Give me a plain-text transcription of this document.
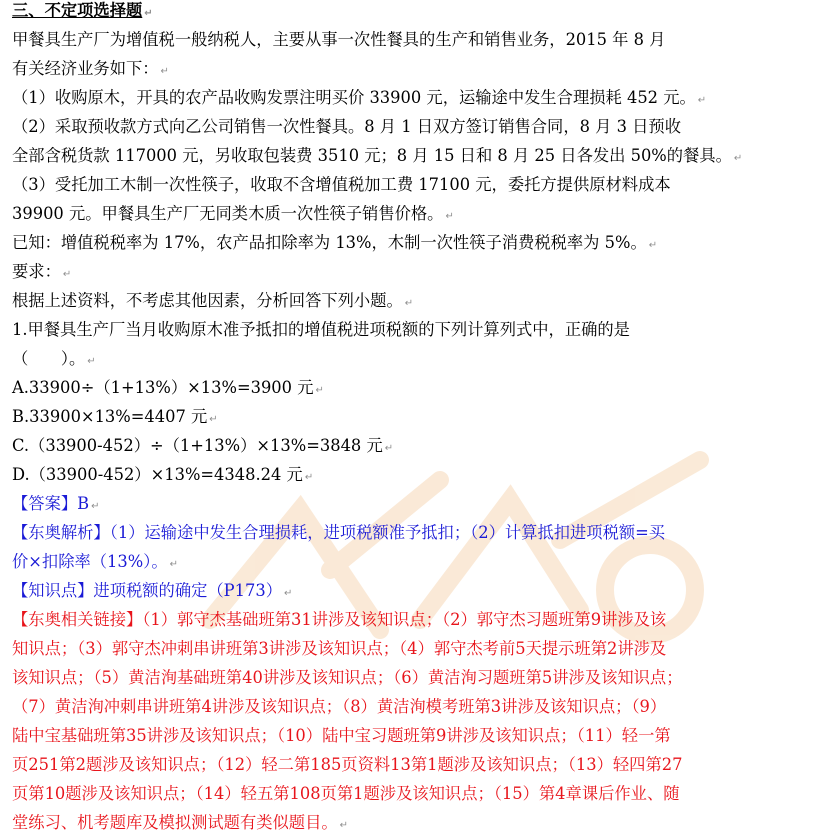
三、不定项选择题 ↵
甲餐具生产厂为增值税一般纳税人，主要从事一次性餐具的生产和销售业务，2015 年 8 月
有关经济业务如下： ↵
（1）收购原木，开具的农产品收购发票注明买价 33900 元，运输途中发生合理损耗 452 元。 ↵
（2）采取预收款方式向乙公司销售一次性餐具。8 月 1 日双方签订销售合同，8 月 3 日预收
全部含税货款 117000 元，另收取包装费 3510 元；8 月 15 日和 8 月 25 日各发出 50%的餐具。 ↵
（3）受托加工木制一次性筷子，收取不含增值税加工费 17100 元，委托方提供原材料成本
39900 元。甲餐具生产厂无同类木质一次性筷子销售价格。 ↵
已知：增值税税率为 17%，农产品扣除率为 13%，木制一次性筷子消费税税率为 5%。 ↵
要求： ↵
根据上述资料，不考虑其他因素，分析回答下列小题。 ↵
1.甲餐具生产厂当月收购原木准予抵扣的增值税进项税额的下列计算列式中，正确的是
（　　）。 ↵
A.33900÷（1+13%）×13%=3900 元 ↵
B.33900×13%=4407 元 ↵
C.（33900-452）÷（1+13%）×13%=3848 元 ↵
D.（33900-452）×13%=4348.24 元 ↵
【答案】B ↵
【东奥解析】（1）运输途中发生合理损耗，进项税额准予抵扣；（2）计算抵扣进项税额=买
价×扣除率（13%）。 ↵
【知识点】进项税额的确定（P173） ↵
【东奥相关链接】（1）郭守杰基础班第31讲涉及该知识点；（2）郭守杰习题班第9讲涉及该
知识点；（3）郭守杰冲刺串讲班第3讲涉及该知识点；（4）郭守杰考前5天提示班第2讲涉及
该知识点；（5）黄洁洵基础班第40讲涉及该知识点；（6）黄洁洵习题班第5讲涉及该知识点；
（7）黄洁洵冲刺串讲班第4讲涉及该知识点；（8）黄洁洵模考班第3讲涉及该知识点；（9）
陆中宝基础班第35讲涉及该知识点；（10）陆中宝习题班第9讲涉及该知识点；（11）轻一第
页251第2题涉及该知识点；（12）轻二第185页资料13第1题涉及该知识点；（13）轻四第27
页第10题涉及该知识点；（14）轻五第108页第1题涉及该知识点；（15）第4章课后作业、随
堂练习、机考题库及模拟测试题有类似题目。 ↵
